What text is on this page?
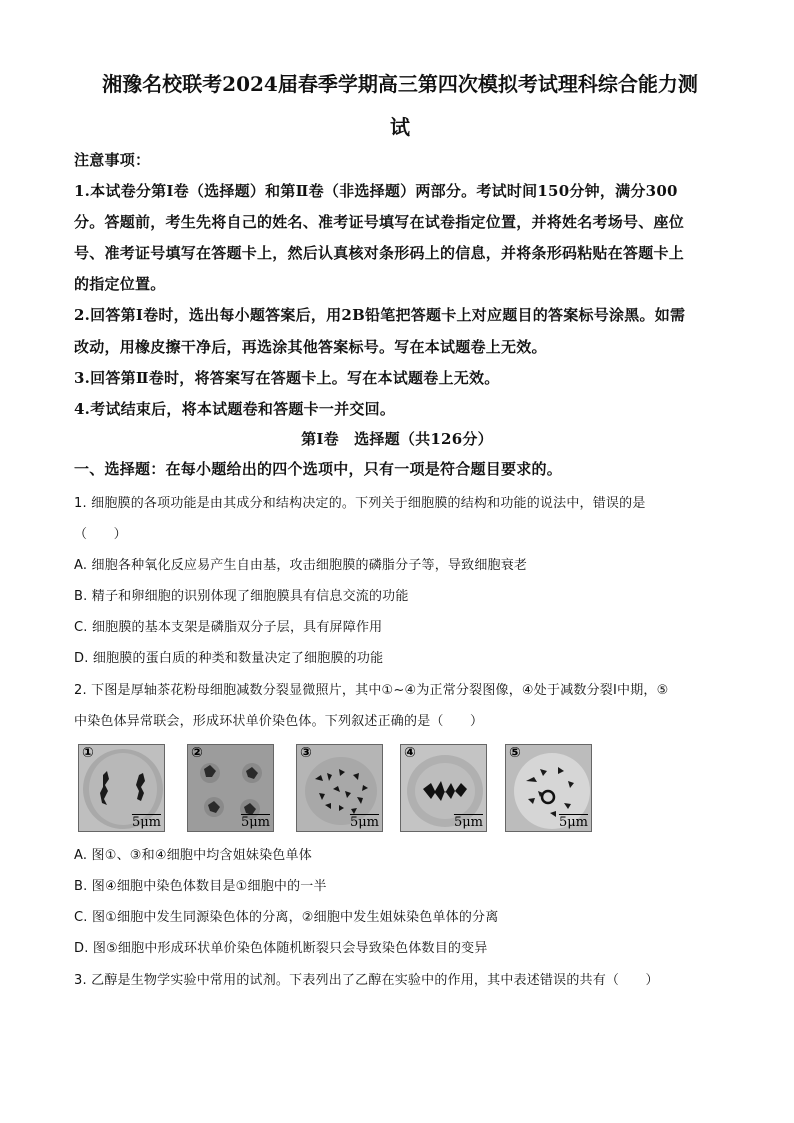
湘豫名校联考2024届春季学期高三第四次模拟考试理科综合能力测
试

注意事项：

1.本试卷分第Ⅰ卷（选择题）和第Ⅱ卷（非选择题）两部分。考试时间150分钟，满分300

分。答题前，考生先将自己的姓名、准考证号填写在试卷指定位置，并将姓名考场号、座位

号、准考证号填写在答题卡上，然后认真核对条形码上的信息，并将条形码粘贴在答题卡上

的指定位置。

2.回答第Ⅰ卷时，选出每小题答案后，用2B铅笔把答题卡上对应题目的答案标号涂黑。如需

改动，用橡皮擦干净后，再选涂其他答案标号。写在本试题卷上无效。

3.回答第Ⅱ卷时，将答案写在答题卡上。写在本试题卷上无效。

4.考试结束后，将本试题卷和答题卡一并交回。

第Ⅰ卷　选择题（共126分）

一、选择题：在每小题给出的四个选项中，只有一项是符合题目要求的。

1. 细胞膜的各项功能是由其成分和结构决定的。下列关于细胞膜的结构和功能的说法中，错误的是

（　　）

A. 细胞各种氧化反应易产生自由基，攻击细胞膜的磷脂分子等，导致细胞衰老

B. 精子和卵细胞的识别体现了细胞膜具有信息交流的功能

C. 细胞膜的基本支架是磷脂双分子层，具有屏障作用

D. 细胞膜的蛋白质的种类和数量决定了细胞膜的功能

2. 下图是厚轴茶花粉母细胞减数分裂显微照片，其中①~④为正常分裂图像，④处于减数分裂Ⅰ中期，⑤

中染色体异常联会，形成环状单价染色体。下列叙述正确的是（　　）

①
5μm
②
5μm
③
5μm
④
5μm
⑤
5μm

A. 图①、③和④细胞中均含姐妹染色单体

B. 图④细胞中染色体数目是①细胞中的一半

C. 图①细胞中发生同源染色体的分离，②细胞中发生姐妹染色单体的分离

D. 图⑤细胞中形成环状单价染色体随机断裂只会导致染色体数目的变异

3. 乙醇是生物学实验中常用的试剂。下表列出了乙醇在实验中的作用，其中表述错误的共有（　　）
